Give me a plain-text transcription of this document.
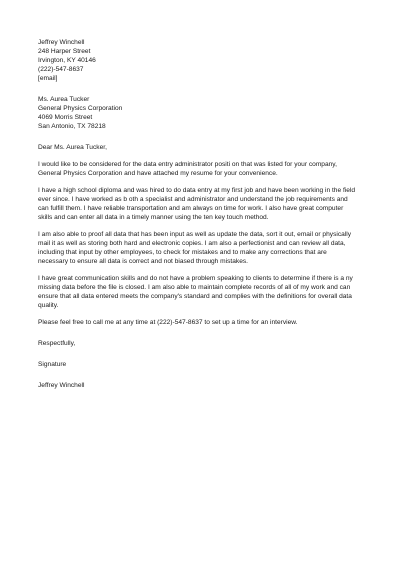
Jeffrey Winchell
248 Harper Street
Irvington, KY 40146
(222)-547-8637
[email]
Ms. Aurea Tucker
General Physics Corporation
4069 Morris Street
San Antonio, TX 78218
Dear Ms. Aurea Tucker,
I would like to be considered for the data entry administrator positi on that was listed for your company,
General Physics Corporation and have attached my resume for your convenience.
I have a high school diploma and was hired to do data entry at my first job and have been working in the field
ever since. I have worked as b oth a specialist and administrator and understand the job requirements and
can fulfill them. I have reliable transportation and am always on time for work. I also have great computer
skills and can enter all data in a timely manner using the ten key touch method.
I am also able to proof all data that has been input as well as update the data, sort it out, email or physically
mail it as well as storing both hard and electronic copies. I am also a perfectionist and can review all data,
including that input by other employees, to check for mistakes and to make any corrections that are
necessary to ensure all data is correct and not biased through mistakes.
I have great communication skills and do not have a problem speaking to clients to determine if there is a ny
missing data before the file is closed. I am also able to maintain complete records of all of my work and can
ensure that all data entered meets the company's standard and complies with the definitions for overall data
quality.
Please feel free to call me at any time at (222)-547-8637 to set up a time for an interview.
Respectfully,
Signature
Jeffrey Winchell
